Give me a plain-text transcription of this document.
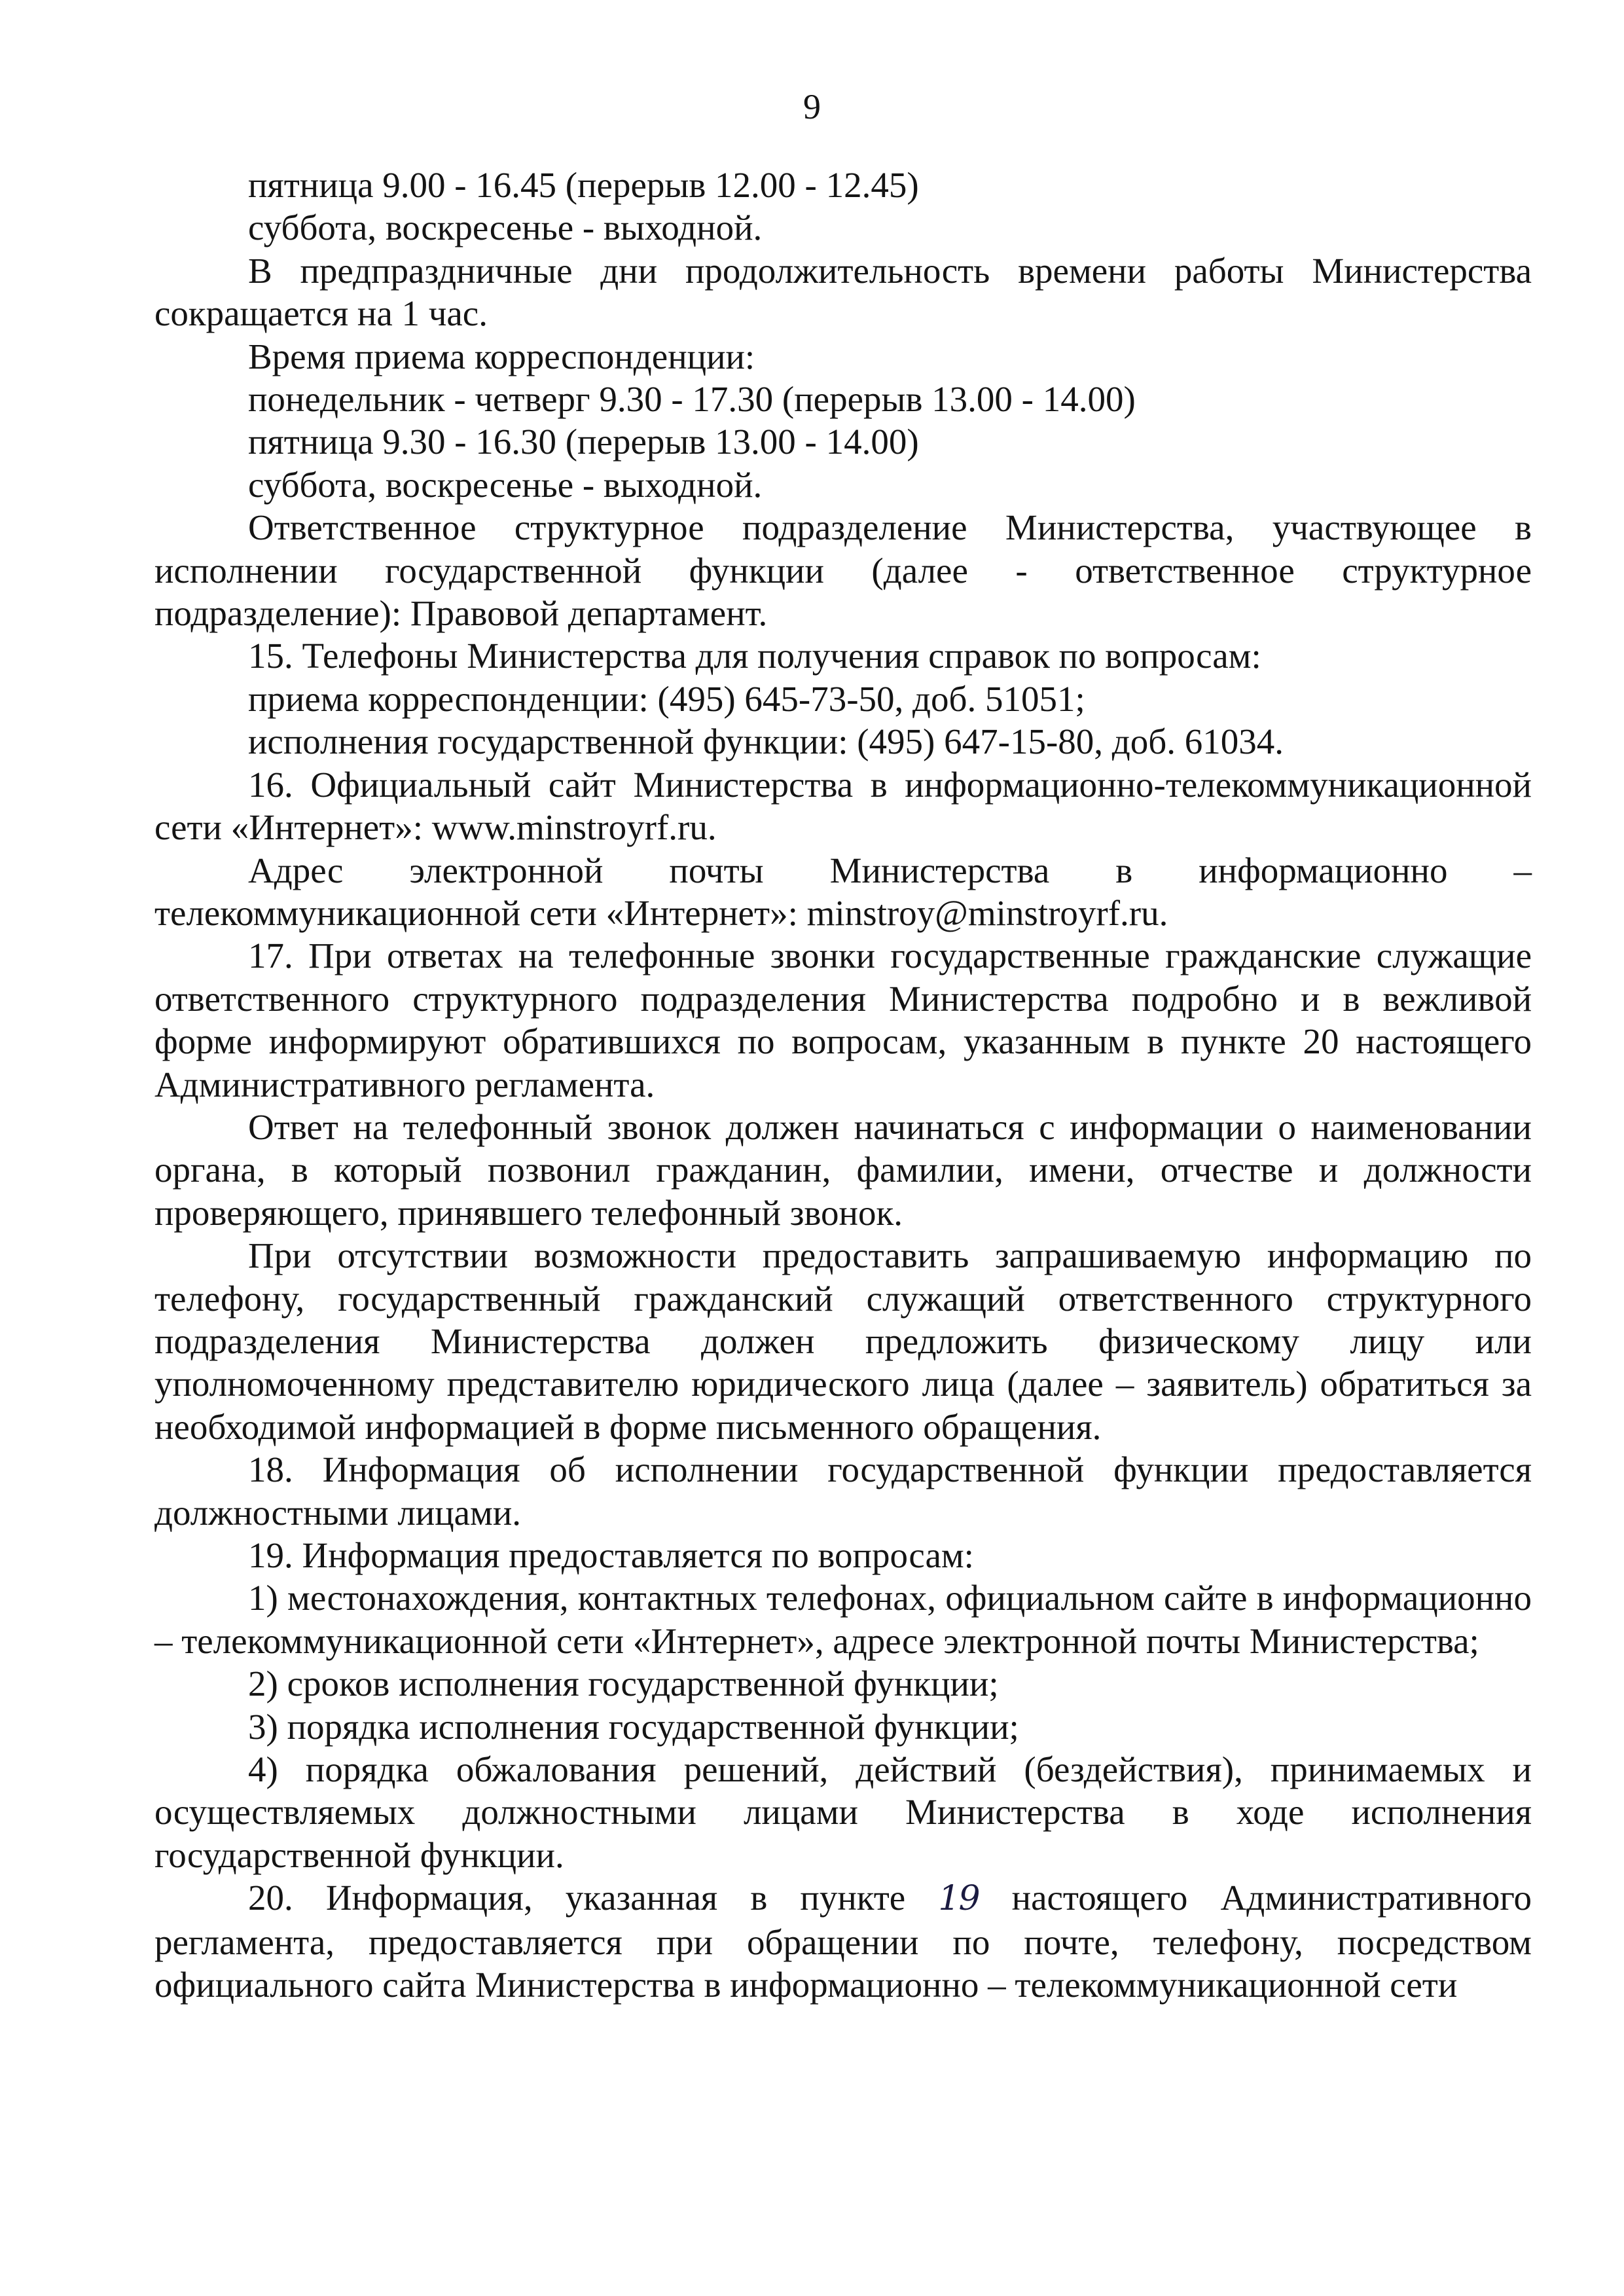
9

пятница 9.00 - 16.45 (перерыв 12.00 - 12.45)

суббота, воскресенье - выходной.

В предпраздничные дни продолжительность времени работы Министерства сокращается на 1 час.

Время приема корреспонденции:

понедельник - четверг 9.30 - 17.30 (перерыв 13.00 - 14.00)

пятница 9.30 - 16.30 (перерыв 13.00 - 14.00)

суббота, воскресенье - выходной.

Ответственное структурное подразделение Министерства, участвующее в исполнении государственной функции (далее - ответственное структурное подразделение): Правовой департамент.

15. Телефоны Министерства для получения справок по вопросам:

приема корреспонденции: (495) 645-73-50, доб. 51051;

исполнения государственной функции: (495) 647-15-80, доб. 61034.

16. Официальный сайт Министерства в информационно-телекоммуникационной сети «Интернет»: www.minstroyrf.ru.

Адрес электронной почты Министерства в информационно – телекоммуникационной сети «Интернет»: minstroy@minstroyrf.ru.

17. При ответах на телефонные звонки государственные гражданские служащие ответственного структурного подразделения Министерства подробно и в вежливой форме информируют обратившихся по вопросам, указанным в пункте 20 настоящего Административного регламента.

Ответ на телефонный звонок должен начинаться с информации о наименовании органа, в который позвонил гражданин, фамилии, имени, отчестве и должности проверяющего, принявшего телефонный звонок.

При отсутствии возможности предоставить запрашиваемую информацию по телефону, государственный гражданский служащий ответственного структурного подразделения Министерства должен предложить физическому лицу или уполномоченному представителю юридического лица (далее – заявитель) обратиться за необходимой информацией в форме письменного обращения.

18. Информация об исполнении государственной функции предоставляется должностными лицами.

19. Информация предоставляется по вопросам:

1) местонахождения, контактных телефонах, официальном сайте в информационно – телекоммуникационной сети «Интернет», адресе электронной почты Министерства;

2) сроков исполнения государственной функции;

3) порядка исполнения государственной функции;

4) порядка обжалования решений, действий (бездействия), принимаемых и осуществляемых должностными лицами Министерства в ходе исполнения государственной функции.

20. Информация, указанная в пункте 19 настоящего Административного регламента, предоставляется при обращении по почте, телефону, посредством официального сайта Министерства в информационно – телекоммуникационной сети
